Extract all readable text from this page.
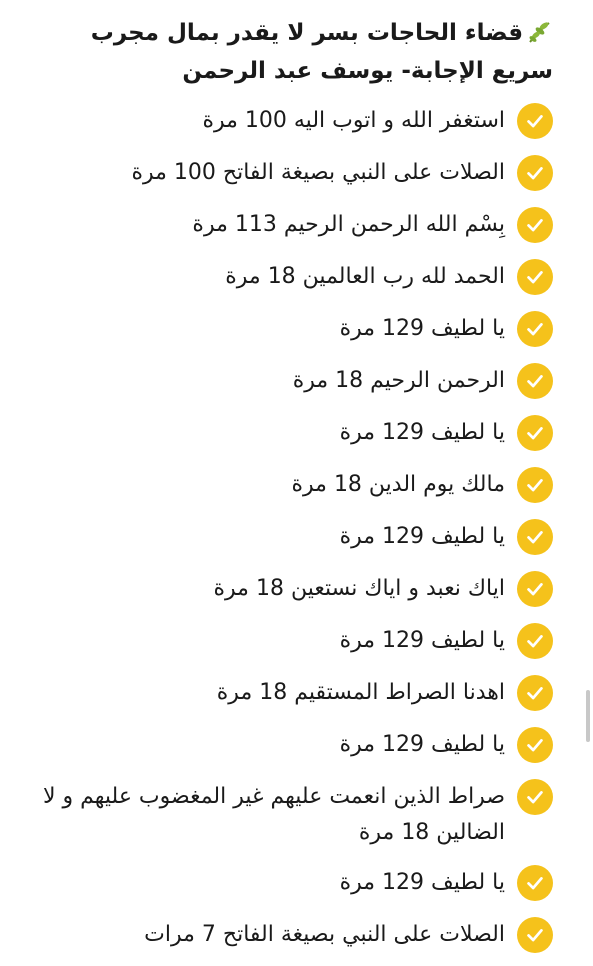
قضاء الحاجات بسر لا يقدر بمال مجرب
سريع الإجابة- يوسف عبد الرحمن
استغفر الله و اتوب اليه 100 مرة
الصلات على النبي بصيغة الفاتح 100 مرة
بِسْم الله الرحمن الرحيم 113 مرة
الحمد لله رب العالمين 18 مرة
يا لطيف 129 مرة
الرحمن الرحيم 18 مرة
يا لطيف 129 مرة
مالك يوم الدين 18 مرة
يا لطيف 129 مرة
اياك نعبد و اياك نستعين 18 مرة
يا لطيف 129 مرة
اهدنا الصراط المستقيم 18 مرة
يا لطيف 129 مرة
صراط الذين انعمت عليهم غير المغضوب عليهم و لا الضالين 18 مرة
يا لطيف 129 مرة
الصلات على النبي بصيغة الفاتح 7 مرات
